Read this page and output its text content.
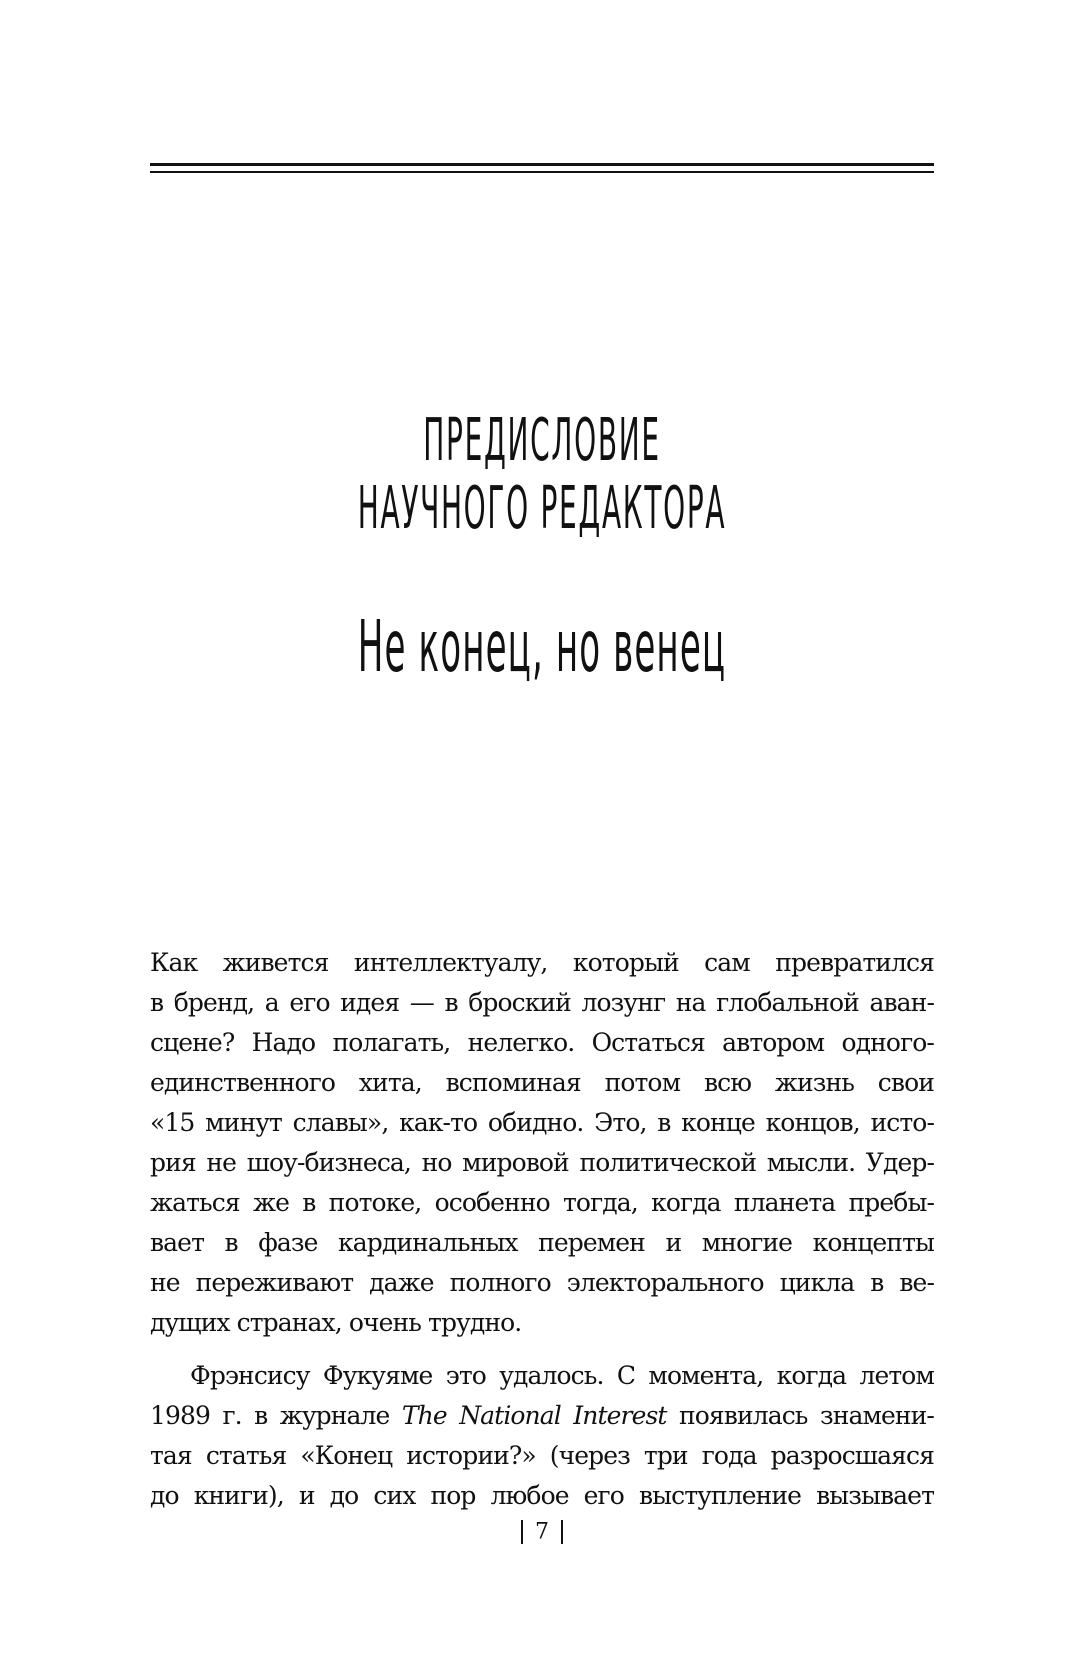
ПРЕДИСЛОВИЕ
НАУЧНОГО РЕДАКТОРА
Не конец, но венец
Как живется интеллектуалу, который сам превратился
в бренд, а его идея — в броский лозунг на глобальной аван-
сцене? Надо полагать, нелегко. Остаться автором одного-
единственного хита, вспоминая потом всю жизнь свои
«15 минут славы», как-то обидно. Это, в конце концов, исто-
рия не шоу-бизнеса, но мировой политической мысли. Удер-
жаться же в потоке, особенно тогда, когда планета пребы-
вает в фазе кардинальных перемен и многие концепты
не переживают даже полного электорального цикла в ве-
дущих странах, очень трудно.
Фрэнсису Фукуяме это удалось. С момента, когда летом
1989 г. в журнале The National Interest появилась знамени-
тая статья «Конец истории?» (через три года разросшаяся
до книги), и до сих пор любое его выступление вызывает
7
